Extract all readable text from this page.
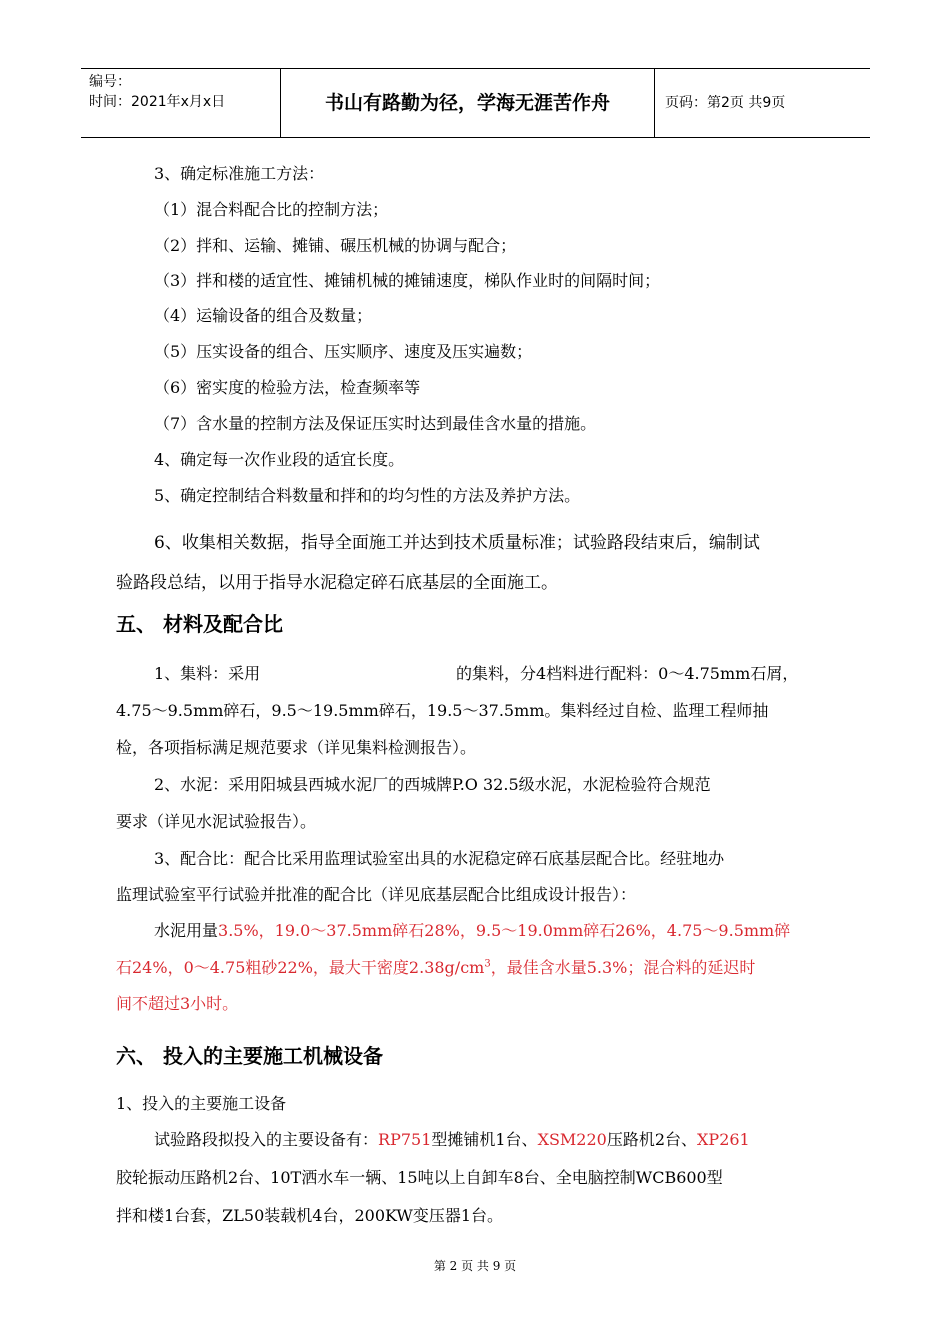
编号：
时间：2021年x月x日	书山有路勤为径，学海无涯苦作舟	页码：第2页 共9页
3、确定标准施工方法：
（1）混合料配合比的控制方法；
（2）拌和、运输、摊铺、碾压机械的协调与配合；
（3）拌和楼的适宜性、摊铺机械的摊铺速度，梯队作业时的间隔时间；
（4）运输设备的组合及数量；
（5）压实设备的组合、压实顺序、速度及压实遍数；
（6）密实度的检验方法，检查频率等
（7）含水量的控制方法及保证压实时达到最佳含水量的措施。
4、确定每一次作业段的适宜长度。
5、确定控制结合料数量和拌和的均匀性的方法及养护方法。
6、收集相关数据，指导全面施工并达到技术质量标准；试验路段结束后，编制试
验路段总结，以用于指导水泥稳定碎石底基层的全面施工。
五、 材料及配合比
1、集料：采用	的集料，分4档料进行配料：0～4.75mm石屑，
4.75～9.5mm碎石，9.5～19.5mm碎石，19.5～37.5mm。集料经过自检、监理工程师抽
检，各项指标满足规范要求（详见集料检测报告）。
2、水泥：采用阳城县西城水泥厂的西城牌P.O 32.5级水泥，水泥检验符合规范
要求（详见水泥试验报告）。
3、配合比：配合比采用监理试验室出具的水泥稳定碎石底基层配合比。经驻地办
监理试验室平行试验并批准的配合比（详见底基层配合比组成设计报告）：
水泥用量3.5%，19.0～37.5mm碎石28%，9.5～19.0mm碎石26%，4.75～9.5mm碎
石24%，0～4.75粗砂22%，最大干密度$2.38g/cm^3$，最佳含水量5.3%；混合料的延迟时
间不超过3小时。
六、 投入的主要施工机械设备
1、投入的主要施工设备
试验路段拟投入的主要设备有：RP751型摊铺机1台、XSM220压路机2台、XP261
胶轮振动压路机2台、10T洒水车一辆、15吨以上自卸车8台、全电脑控制WCB600型
拌和楼1台套，ZL50装载机4台，200KW变压器1台。
第 2 页 共 9 页
